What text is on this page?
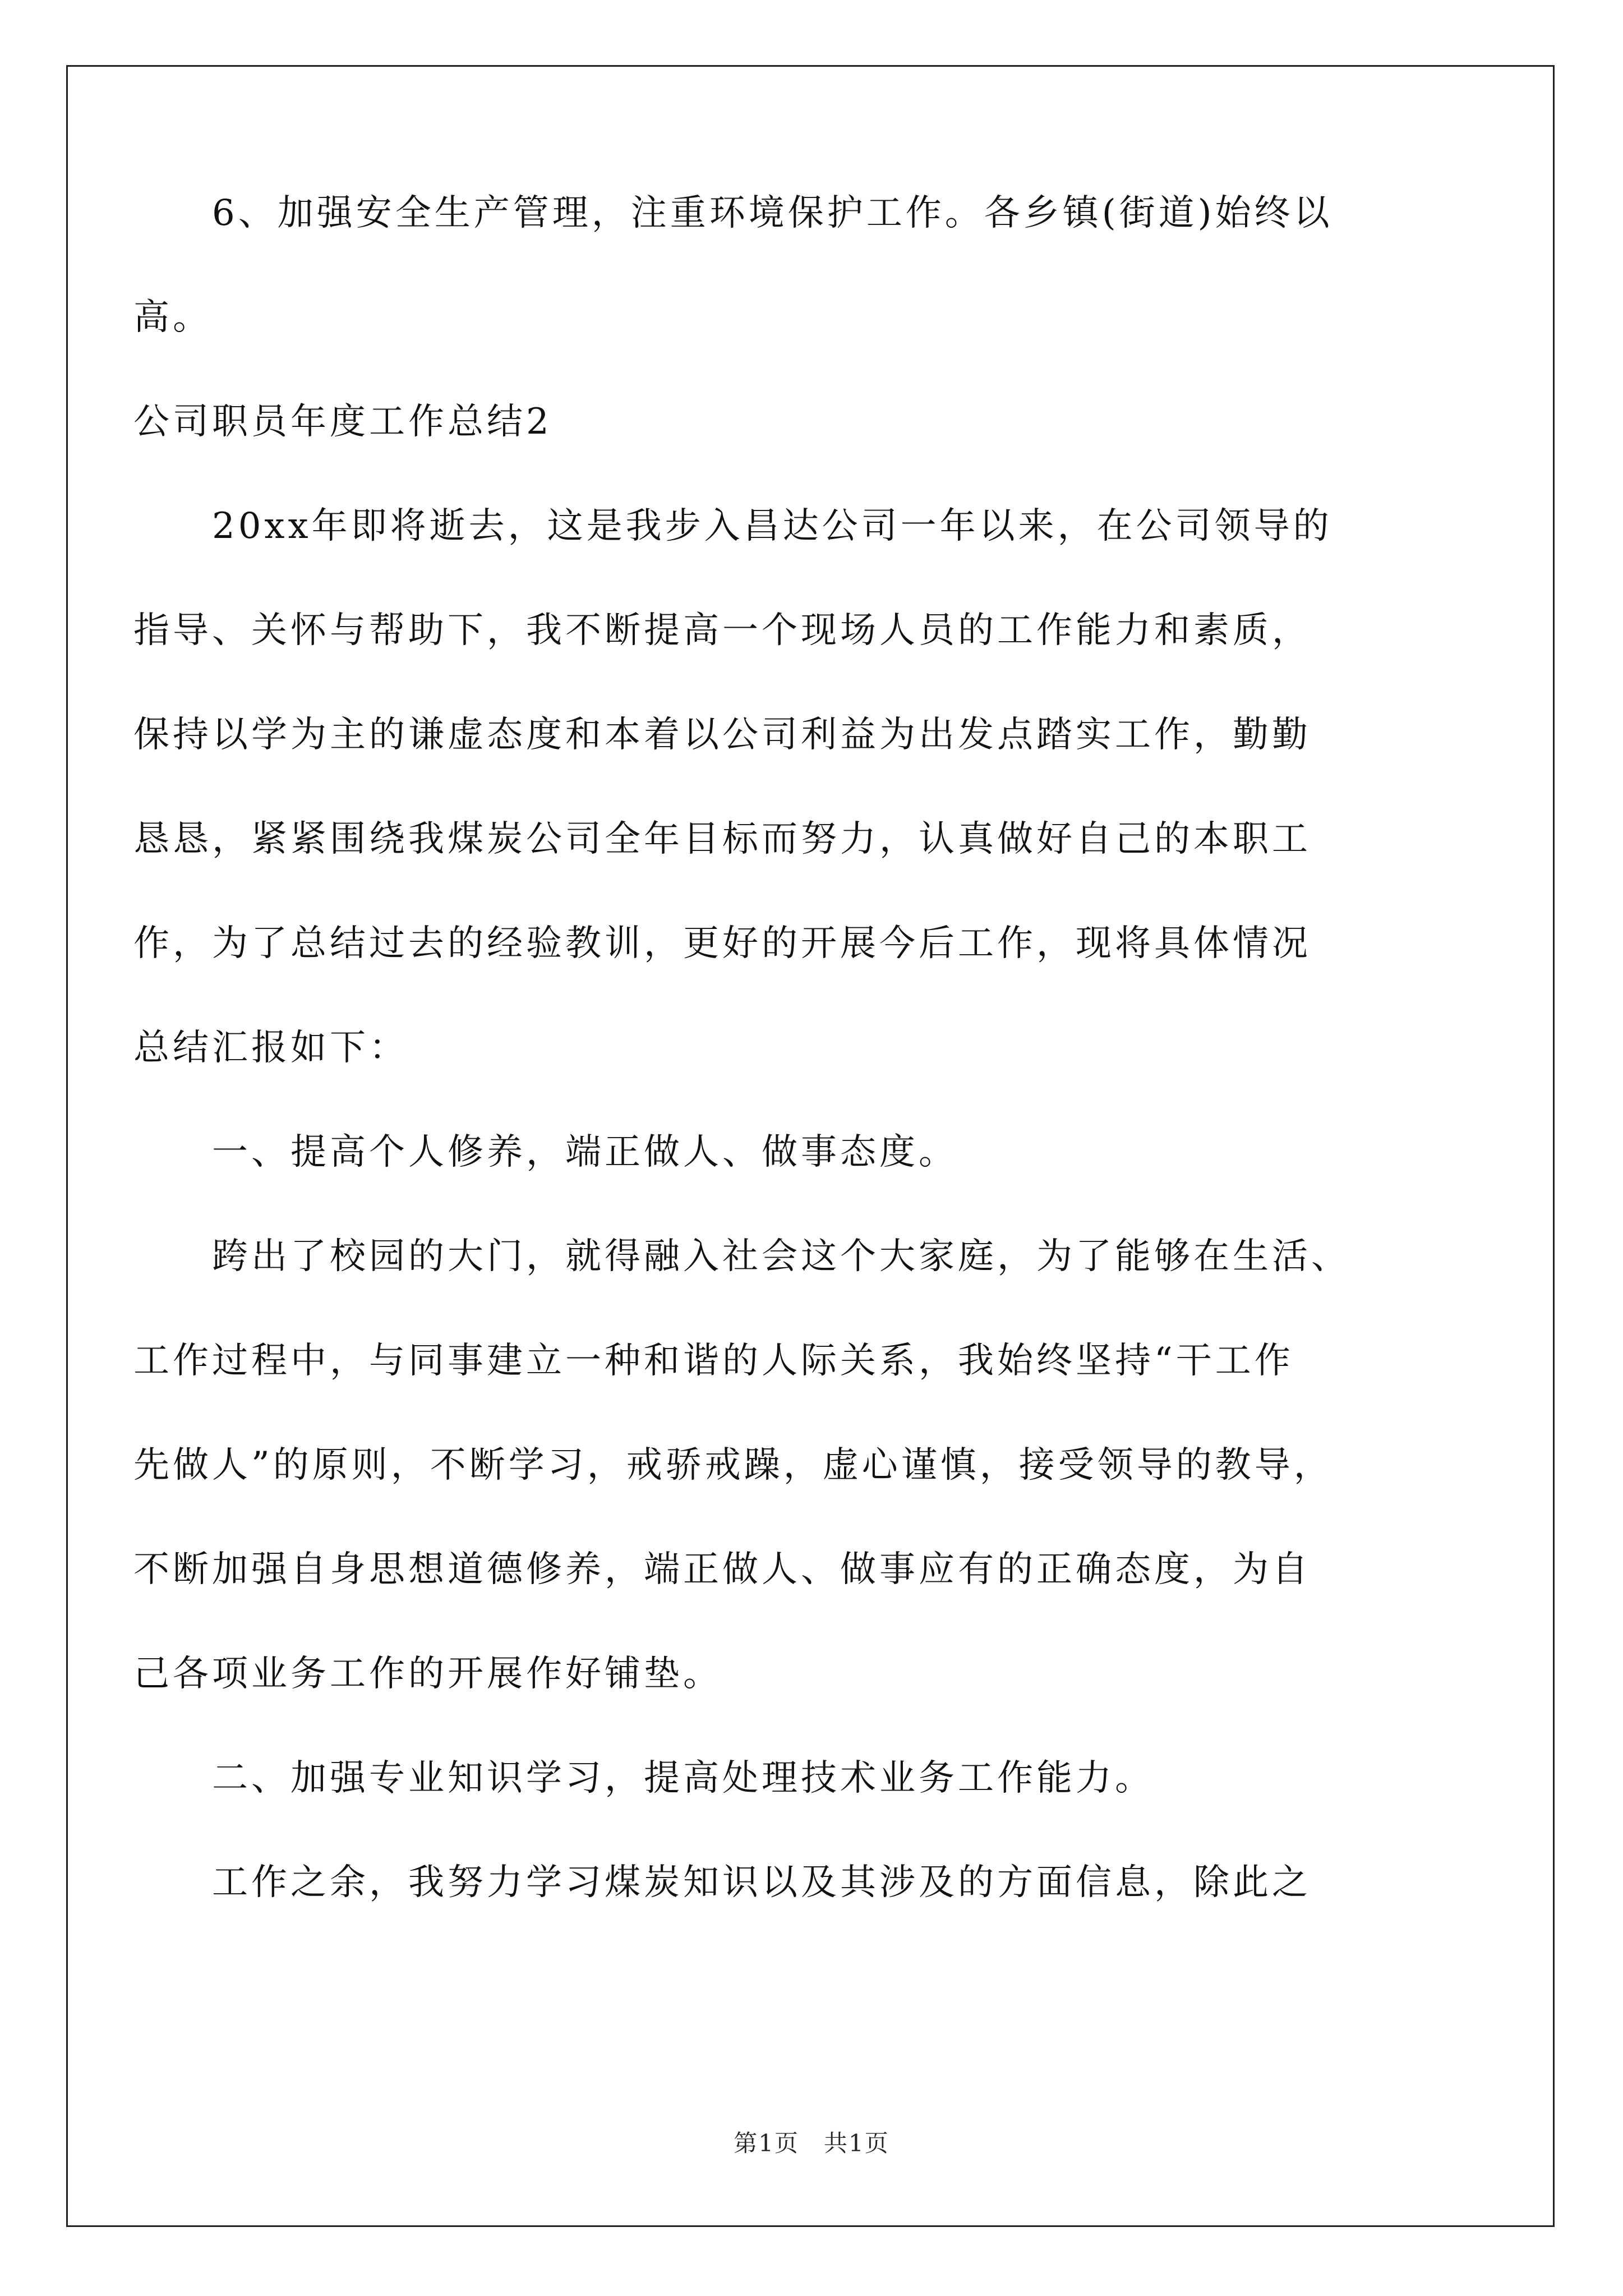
　　6、加强安全生产管理，注重环境保护工作。各乡镇(街道)始终以
高。
公司职员年度工作总结2
　　20xx年即将逝去，这是我步入昌达公司一年以来，在公司领导的
指导、关怀与帮助下，我不断提高一个现场人员的工作能力和素质，
保持以学为主的谦虚态度和本着以公司利益为出发点踏实工作，勤勤
恳恳，紧紧围绕我煤炭公司全年目标而努力，认真做好自己的本职工
作，为了总结过去的经验教训，更好的开展今后工作，现将具体情况
总结汇报如下：
　　一、提高个人修养，端正做人、做事态度。
　　跨出了校园的大门，就得融入社会这个大家庭，为了能够在生活、
工作过程中，与同事建立一种和谐的人际关系，我始终坚持“干工作
先做人”的原则，不断学习，戒骄戒躁，虚心谨慎，接受领导的教导，
不断加强自身思想道德修养，端正做人、做事应有的正确态度，为自
己各项业务工作的开展作好铺垫。
　　二、加强专业知识学习，提高处理技术业务工作能力。
　　工作之余，我努力学习煤炭知识以及其涉及的方面信息，除此之
第1页　共1页
